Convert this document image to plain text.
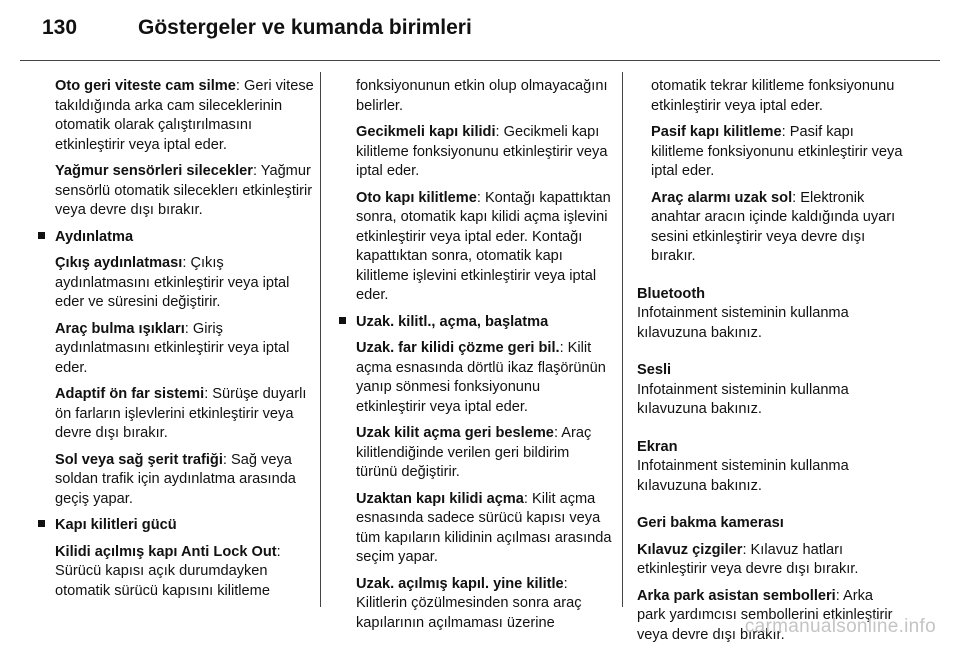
130	Göstergeler ve kumanda birimleri

Oto geri viteste cam silme: Geri vitese takıldığında arka cam sileceklerinin otomatik olarak çalıştırılmasını etkinleştirir veya iptal eder.

Yağmur sensörleri silecekler: Yağmur sensörlü otomatik sileceklerı etkinleştirir veya devre dışı bırakır.

Aydınlatma

Çıkış aydınlatması: Çıkış aydınlatmasını etkinleştirir veya iptal eder ve süresini değiştirir.

Araç bulma ışıkları: Giriş aydınlatmasını etkinleştirir veya iptal eder.

Adaptif ön far sistemi: Sürüşe duyarlı ön farların işlevlerini etkinleştirir veya devre dışı bırakır.

Sol veya sağ şerit trafiği: Sağ veya soldan trafik için aydınlatma arasında geçiş yapar.

Kapı kilitleri gücü

Kilidi açılmış kapı Anti Lock Out: Sürücü kapısı açık durumdayken otomatik sürücü kapısını kilitleme

fonksiyonunun etkin olup olmayacağını belirler.

Gecikmeli kapı kilidi: Gecikmeli kapı kilitleme fonksiyonunu etkinleştirir veya iptal eder.

Oto kapı kilitleme: Kontağı kapattıktan sonra, otomatik kapı kilidi açma işlevini etkinleştirir veya iptal eder. Kontağı kapattıktan sonra, otomatik kapı kilitleme işlevini etkinleştirir veya iptal eder.

Uzak. kilitl., açma, başlatma

Uzak. far kilidi çözme geri bil.: Kilit açma esnasında dörtlü ikaz flaşörünün yanıp sönmesi fonksiyonunu etkinleştirir veya iptal eder.

Uzak kilit açma geri besleme: Araç kilitlendiğinde verilen geri bildirim türünü değiştirir.

Uzaktan kapı kilidi açma: Kilit açma esnasında sadece sürücü kapısı veya tüm kapıların kilidinin açılması arasında seçim yapar.

Uzak. açılmış kapıl. yine kilitle: Kilitlerin çözülmesinden sonra araç kapılarının açılmaması üzerine

otomatik tekrar kilitleme fonksiyonunu etkinleştirir veya iptal eder.

Pasif kapı kilitleme: Pasif kapı kilitleme fonksiyonunu etkinleştirir veya iptal eder.

Araç alarmı uzak sol: Elektronik anahtar aracın içinde kaldığında uyarı sesini etkinleştirir veya devre dışı bırakır.

Bluetooth
Infotainment sisteminin kullanma kılavuzuna bakınız.

Sesli
Infotainment sisteminin kullanma kılavuzuna bakınız.

Ekran
Infotainment sisteminin kullanma kılavuzuna bakınız.

Geri bakma kamerası

Kılavuz çizgiler: Kılavuz hatları etkinleştirir veya devre dışı bırakır.

Arka park asistan sembolleri: Arka park yardımcısı sembollerini etkinleştirir veya devre dışı bırakır.

carmanualsonline.info
